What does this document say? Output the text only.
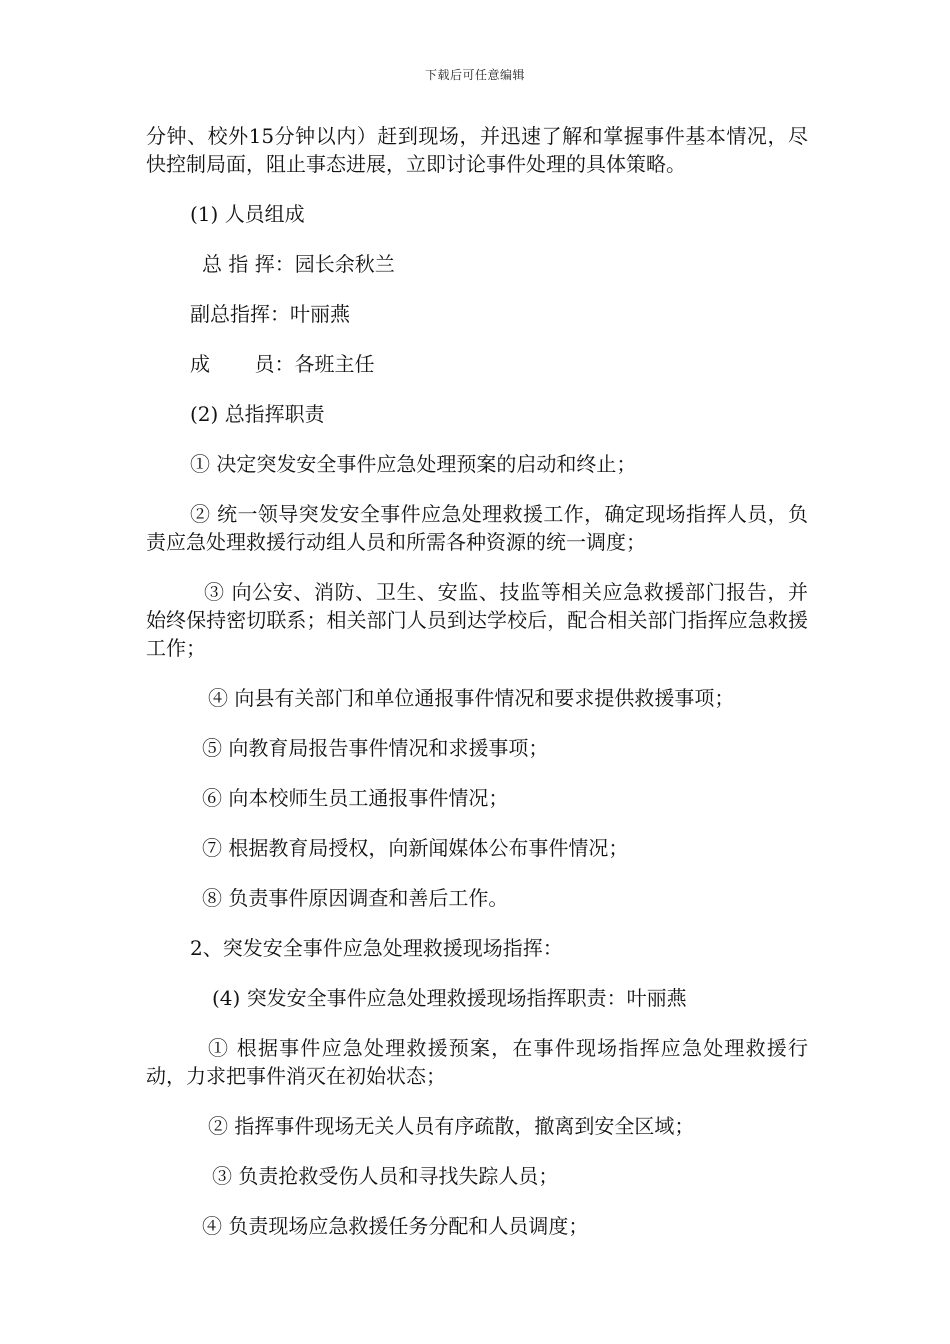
下载后可任意编辑

分钟、校外15分钟以内）赶到现场，并迅速了解和掌握事件基本情况，尽快控制局面，阻止事态进展，立即讨论事件处理的具体策略。

(1) 人员组成

总 指 挥：园长余秋兰

副总指挥：叶丽燕

成       员：各班主任

(2) 总指挥职责

① 决定突发安全事件应急处理预案的启动和终止；

② 统一领导突发安全事件应急处理救援工作，确定现场指挥人员，负责应急处理救援行动组人员和所需各种资源的统一调度；

③ 向公安、消防、卫生、安监、技监等相关应急救援部门报告，并始终保持密切联系；相关部门人员到达学校后，配合相关部门指挥应急救援工作；

④ 向县有关部门和单位通报事件情况和要求提供救援事项；

⑤ 向教育局报告事件情况和求援事项；

⑥ 向本校师生员工通报事件情况；

⑦ 根据教育局授权，向新闻媒体公布事件情况；

⑧ 负责事件原因调查和善后工作。

2、突发安全事件应急处理救援现场指挥：

(4) 突发安全事件应急处理救援现场指挥职责：叶丽燕

① 根据事件应急处理救援预案，在事件现场指挥应急处理救援行动，力求把事件消灭在初始状态；

② 指挥事件现场无关人员有序疏散，撤离到安全区域；

③ 负责抢救受伤人员和寻找失踪人员；

④ 负责现场应急救援任务分配和人员调度；
